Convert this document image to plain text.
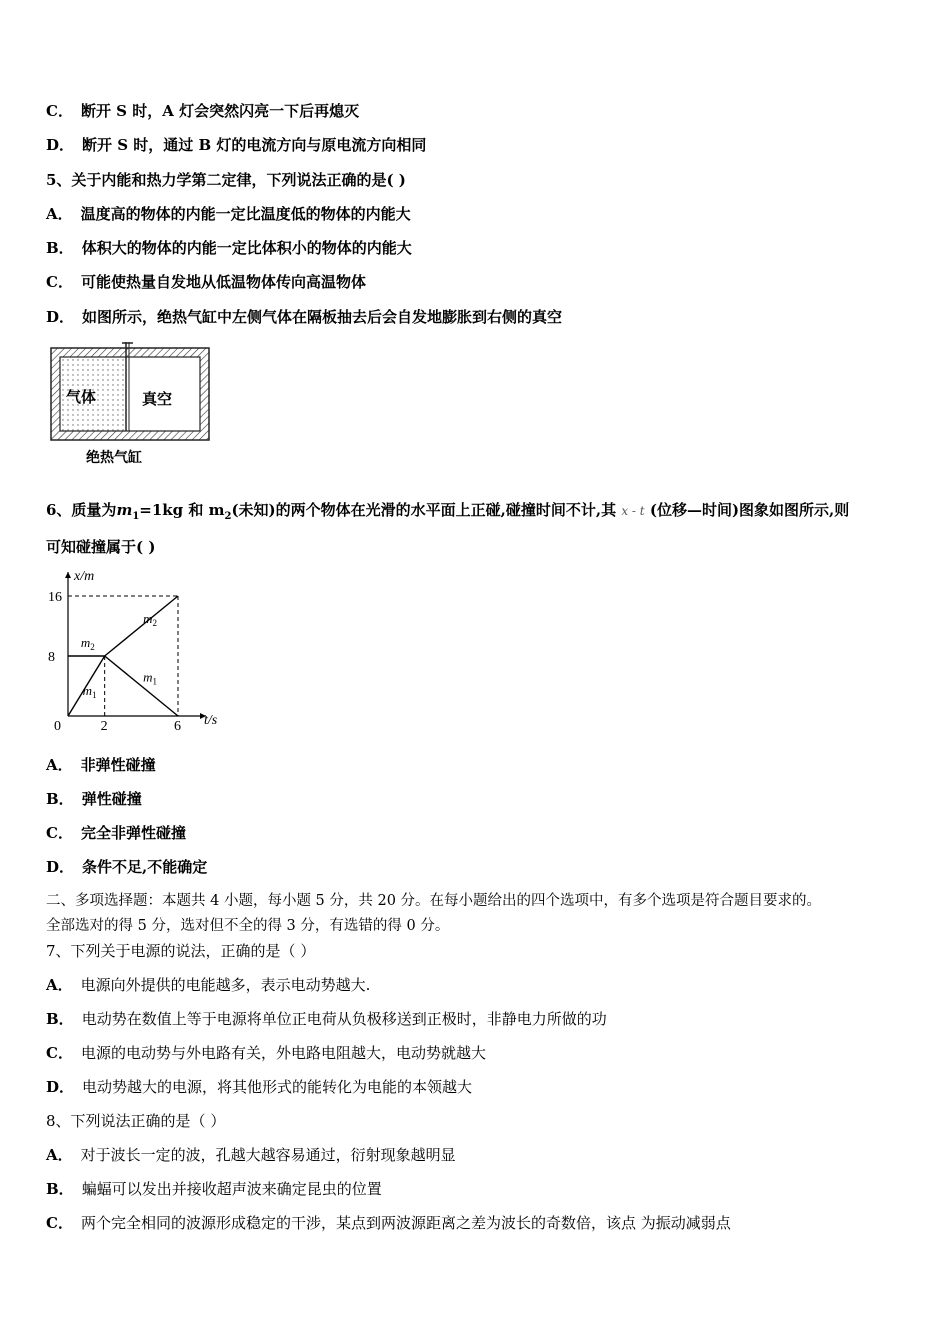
C． 断开 S 时，A 灯会突然闪亮一下后再熄灭
D． 断开 S 时，通过 B 灯的电流方向与原电流方向相同
5、关于内能和热力学第二定律，下列说法正确的是( )
A． 温度高的物体的内能一定比温度低的物体的内能大
B． 体积大的物体的内能一定比体积小的物体的内能大
C． 可能使热量自发地从低温物体传向高温物体
D． 如图所示，绝热气缸中左侧气体在隔板抽去后会自发地膨胀到右侧的真空
气体	真空
绝热气缸
6、质量为$m_1=1kg$ 和 $m_2$(未知)的两个物体在光滑的水平面上正碰,碰撞时间不计,其 x - t (位移—时间)图象如图所示,则
可知碰撞属于( )
x/m
t/s
16
8
0	2	6
$m_2$
$m_2$
$m_1$
$m_1$
A． 非弹性碰撞
B． 弹性碰撞
C． 完全非弹性碰撞
D． 条件不足,不能确定
二、多项选择题：本题共 4 小题，每小题 5 分，共 20 分。在每小题给出的四个选项中，有多个选项是符合题目要求的。
全部选对的得 5 分，选对但不全的得 3 分，有选错的得 0 分。
7、下列关于电源的说法，正确的是（ ）
A． 电源向外提供的电能越多，表示电动势越大.
B． 电动势在数值上等于电源将单位正电荷从负极移送到正极时，非静电力所做的功
C． 电源的电动势与外电路有关，外电路电阻越大，电动势就越大
D． 电动势越大的电源，将其他形式的能转化为电能的本领越大
8、下列说法正确的是（ ）
A． 对于波长一定的波，孔越大越容易通过，衍射现象越明显
B． 蝙蝠可以发出并接收超声波来确定昆虫的位置
C． 两个完全相同的波源形成稳定的干涉，某点到两波源距离之差为波长的奇数倍，该点 为振动减弱点
